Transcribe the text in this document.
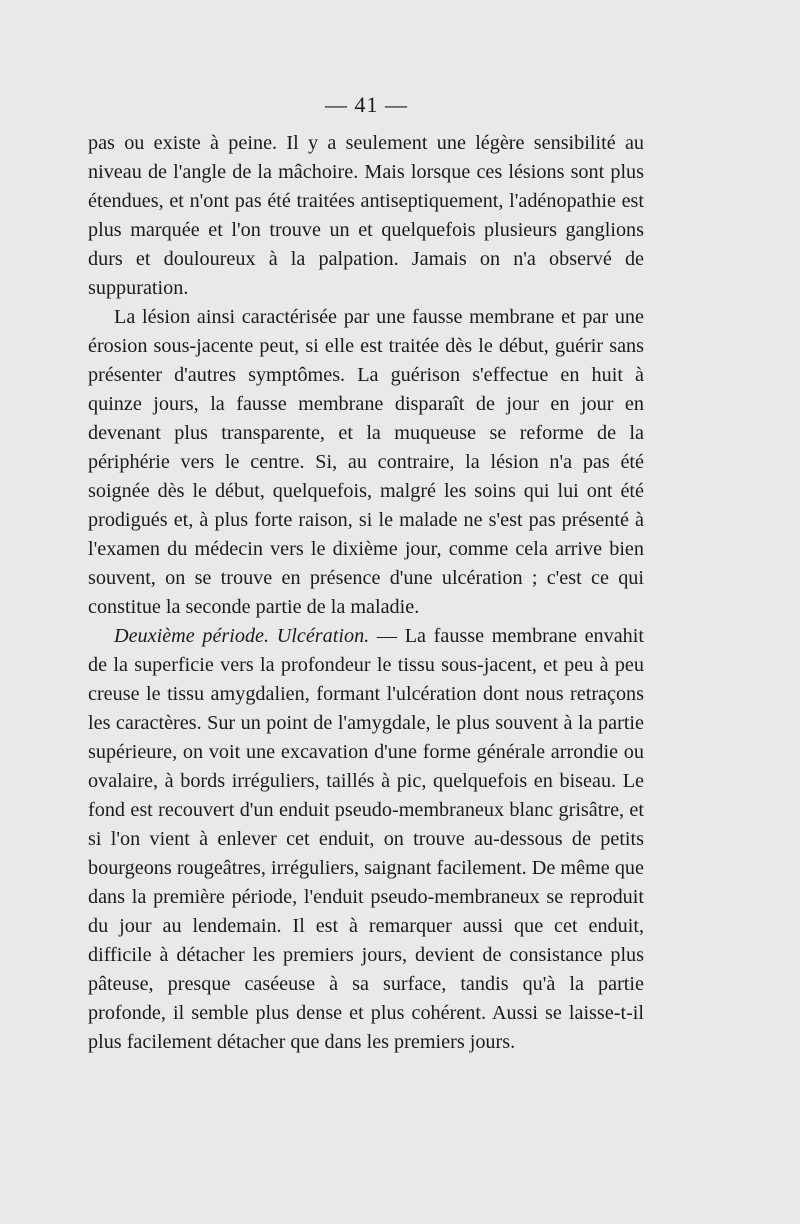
— 41 —

pas ou existe à peine. Il y a seulement une légère sensibilité au niveau de l'angle de la mâchoire. Mais lorsque ces lésions sont plus étendues, et n'ont pas été traitées antiseptiquement, l'adénopathie est plus marquée et l'on trouve un et quelquefois plusieurs ganglions durs et douloureux à la palpation. Jamais on n'a observé de suppuration.

La lésion ainsi caractérisée par une fausse membrane et par une érosion sous-jacente peut, si elle est traitée dès le début, guérir sans présenter d'autres symptômes. La guérison s'effectue en huit à quinze jours, la fausse membrane disparaît de jour en jour en devenant plus transparente, et la muqueuse se reforme de la périphérie vers le centre. Si, au contraire, la lésion n'a pas été soignée dès le début, quelquefois, malgré les soins qui lui ont été prodigués et, à plus forte raison, si le malade ne s'est pas présenté à l'examen du médecin vers le dixième jour, comme cela arrive bien souvent, on se trouve en présence d'une ulcération ; c'est ce qui constitue la seconde partie de la maladie.

Deuxième période. Ulcération. — La fausse membrane envahit de la superficie vers la profondeur le tissu sous-jacent, et peu à peu creuse le tissu amygdalien, formant l'ulcération dont nous retraçons les caractères. Sur un point de l'amygdale, le plus souvent à la partie supérieure, on voit une excavation d'une forme générale arrondie ou ovalaire, à bords irréguliers, taillés à pic, quelquefois en biseau. Le fond est recouvert d'un enduit pseudo-membraneux blanc grisâtre, et si l'on vient à enlever cet enduit, on trouve au-dessous de petits bourgeons rougeâtres, irréguliers, saignant facilement. De même que dans la première période, l'enduit pseudo-membraneux se reproduit du jour au lendemain. Il est à remarquer aussi que cet enduit, difficile à détacher les premiers jours, devient de consistance plus pâteuse, presque caséeuse à sa surface, tandis qu'à la partie profonde, il semble plus dense et plus cohérent. Aussi se laisse-t-il plus facilement détacher que dans les premiers jours.
